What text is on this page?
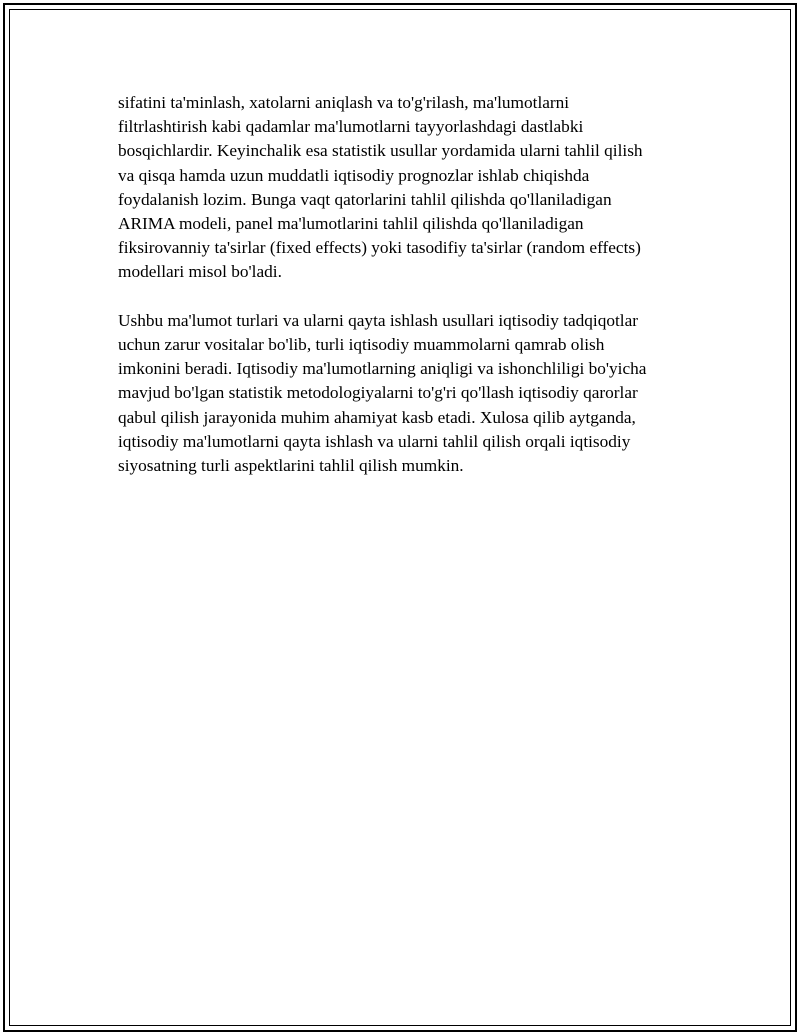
sifatini ta'minlash, xatolarni aniqlash va to'g'rilash, ma'lumotlarni
filtrlashtirish kabi qadamlar ma'lumotlarni tayyorlashdagi dastlabki
bosqichlardir. Keyinchalik esa statistik usullar yordamida ularni tahlil qilish
va qisqa hamda uzun muddatli iqtisodiy prognozlar ishlab chiqishda
foydalanish lozim. Bunga vaqt qatorlarini tahlil qilishda qo'llaniladigan
ARIMA modeli, panel ma'lumotlarini tahlil qilishda qo'llaniladigan
fiksirovanniy ta'sirlar (fixed effects) yoki tasodifiy ta'sirlar (random effects)
modellari misol bo'ladi.
Ushbu ma'lumot turlari va ularni qayta ishlash usullari iqtisodiy tadqiqotlar
uchun zarur vositalar bo'lib, turli iqtisodiy muammolarni qamrab olish
imkonini beradi. Iqtisodiy ma'lumotlarning aniqligi va ishonchliligi bo'yicha
mavjud bo'lgan statistik metodologiyalarni to'g'ri qo'llash iqtisodiy qarorlar
qabul qilish jarayonida muhim ahamiyat kasb etadi. Xulosa qilib aytganda,
iqtisodiy ma'lumotlarni qayta ishlash va ularni tahlil qilish orqali iqtisodiy
siyosatning turli aspektlarini tahlil qilish mumkin.
